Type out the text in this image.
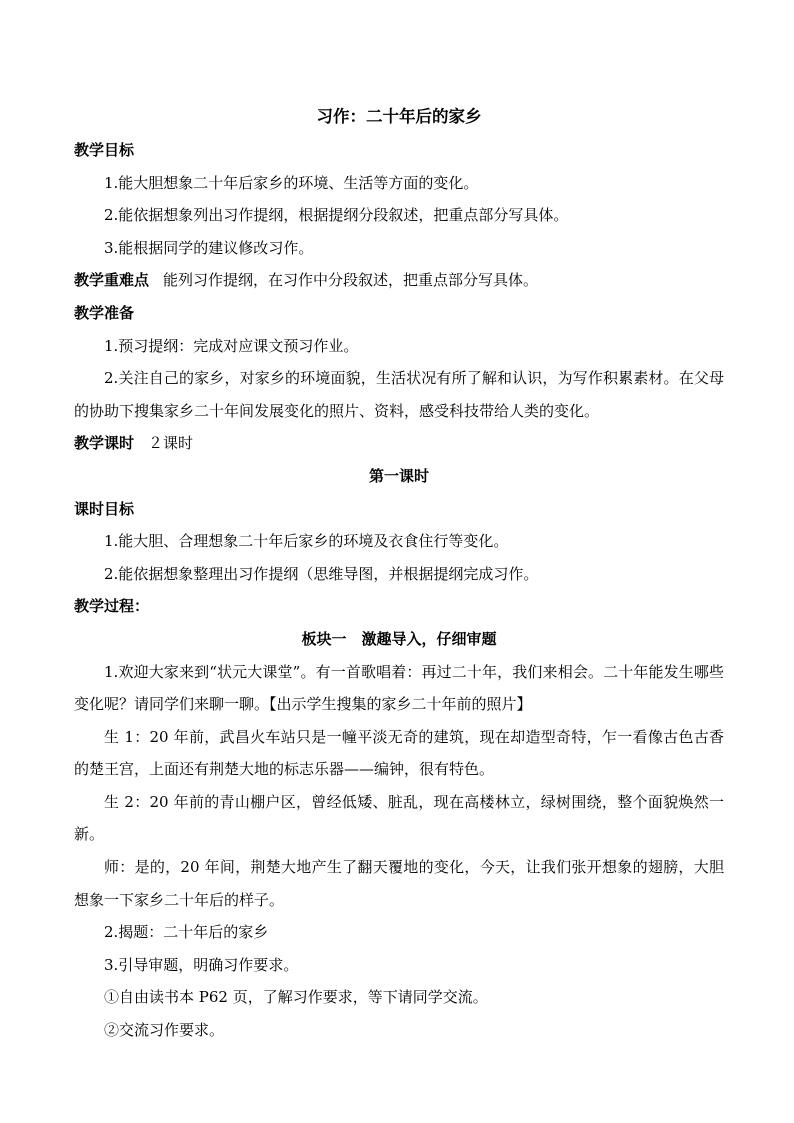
习作：二十年后的家乡
教学目标
1.能大胆想象二十年后家乡的环境、生活等方面的变化。
2.能依据想象列出习作提纲，根据提纲分段叙述，把重点部分写具体。
3.能根据同学的建议修改习作。
教学重难点 能列习作提纲，在习作中分段叙述，把重点部分写具体。
教学准备
1.预习提纲：完成对应课文预习作业。
2.关注自己的家乡，对家乡的环境面貌，生活状况有所了解和认识，为写作积累素材。在父母的协助下搜集家乡二十年间发展变化的照片、资料，感受科技带给人类的变化。
教学课时 ２课时
第一课时
课时目标
1.能大胆、合理想象二十年后家乡的环境及衣食住行等变化。
2.能依据想象整理出习作提纲（思维导图，并根据提纲完成习作。
教学过程：
板块一　激趣导入，仔细审题
1.欢迎大家来到“状元大课堂”。有一首歌唱着：再过二十年，我们来相会。二十年能发生哪些变化呢？请同学们来聊一聊。【出示学生搜集的家乡二十年前的照片】
生 1：20 年前，武昌火车站只是一幢平淡无奇的建筑，现在却造型奇特，乍一看像古色古香的楚王宫，上面还有荆楚大地的标志乐器——编钟，很有特色。
生 2：20 年前的青山棚户区，曾经低矮、脏乱，现在高楼林立，绿树围绕，整个面貌焕然一新。
师：是的，20 年间，荆楚大地产生了翻天覆地的变化，今天，让我们张开想象的翅膀，大胆想象一下家乡二十年后的样子。
2.揭题：二十年后的家乡
3.引导审题，明确习作要求。
①自由读书本 P62 页，了解习作要求，等下请同学交流。
②交流习作要求。
